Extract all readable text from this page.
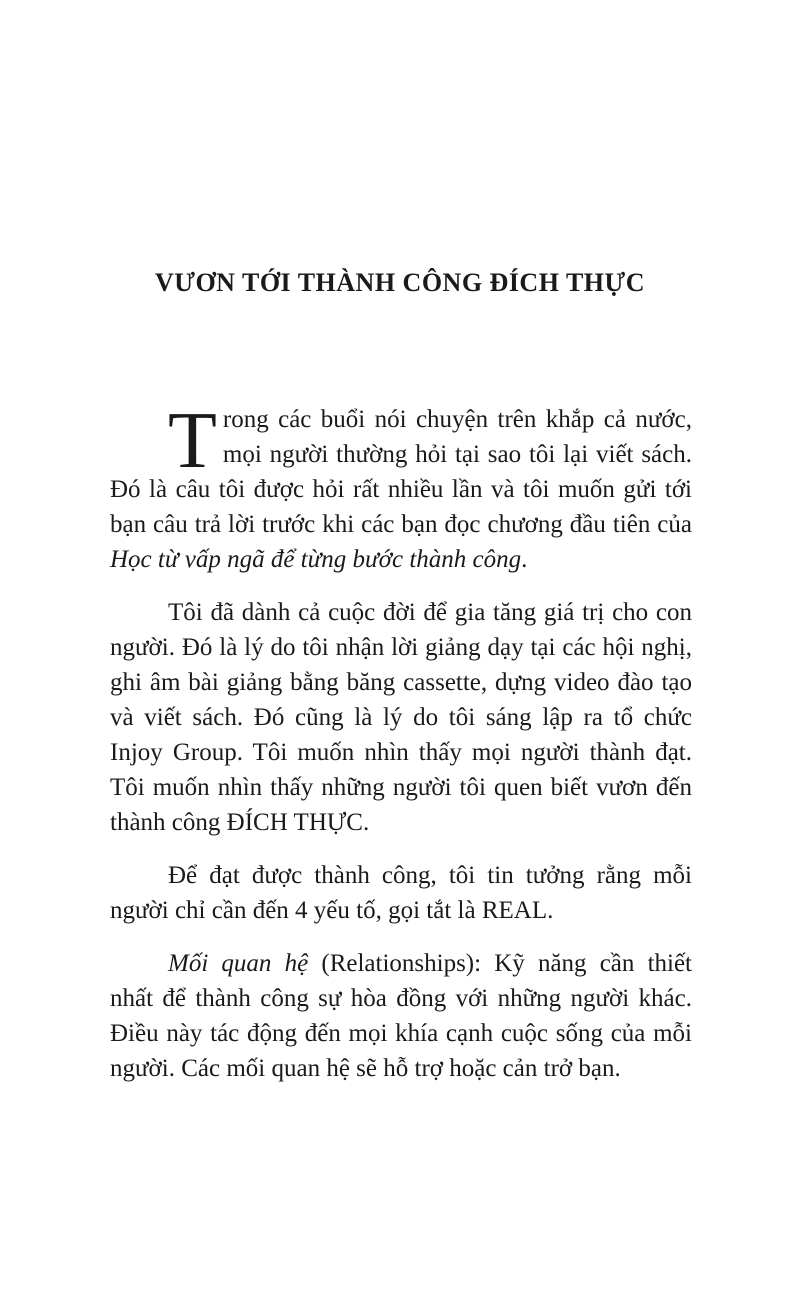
VƯƠN TỚI THÀNH CÔNG ĐÍCH THỰC

Trong các buổi nói chuyện trên khắp cả nước, mọi người thường hỏi tại sao tôi lại viết sách. Đó là câu tôi được hỏi rất nhiều lần và tôi muốn gửi tới bạn câu trả lời trước khi các bạn đọc chương đầu tiên của Học từ vấp ngã để từng bước thành công.

Tôi đã dành cả cuộc đời để gia tăng giá trị cho con người. Đó là lý do tôi nhận lời giảng dạy tại các hội nghị, ghi âm bài giảng bằng băng cassette, dựng video đào tạo và viết sách. Đó cũng là lý do tôi sáng lập ra tổ chức Injoy Group. Tôi muốn nhìn thấy mọi người thành đạt. Tôi muốn nhìn thấy những người tôi quen biết vươn đến thành công ĐÍCH THỰC.

Để đạt được thành công, tôi tin tưởng rằng mỗi người chỉ cần đến 4 yếu tố, gọi tắt là REAL.

Mối quan hệ (Relationships): Kỹ năng cần thiết nhất để thành công sự hòa đồng với những người khác. Điều này tác động đến mọi khía cạnh cuộc sống của mỗi người. Các mối quan hệ sẽ hỗ trợ hoặc cản trở bạn.
